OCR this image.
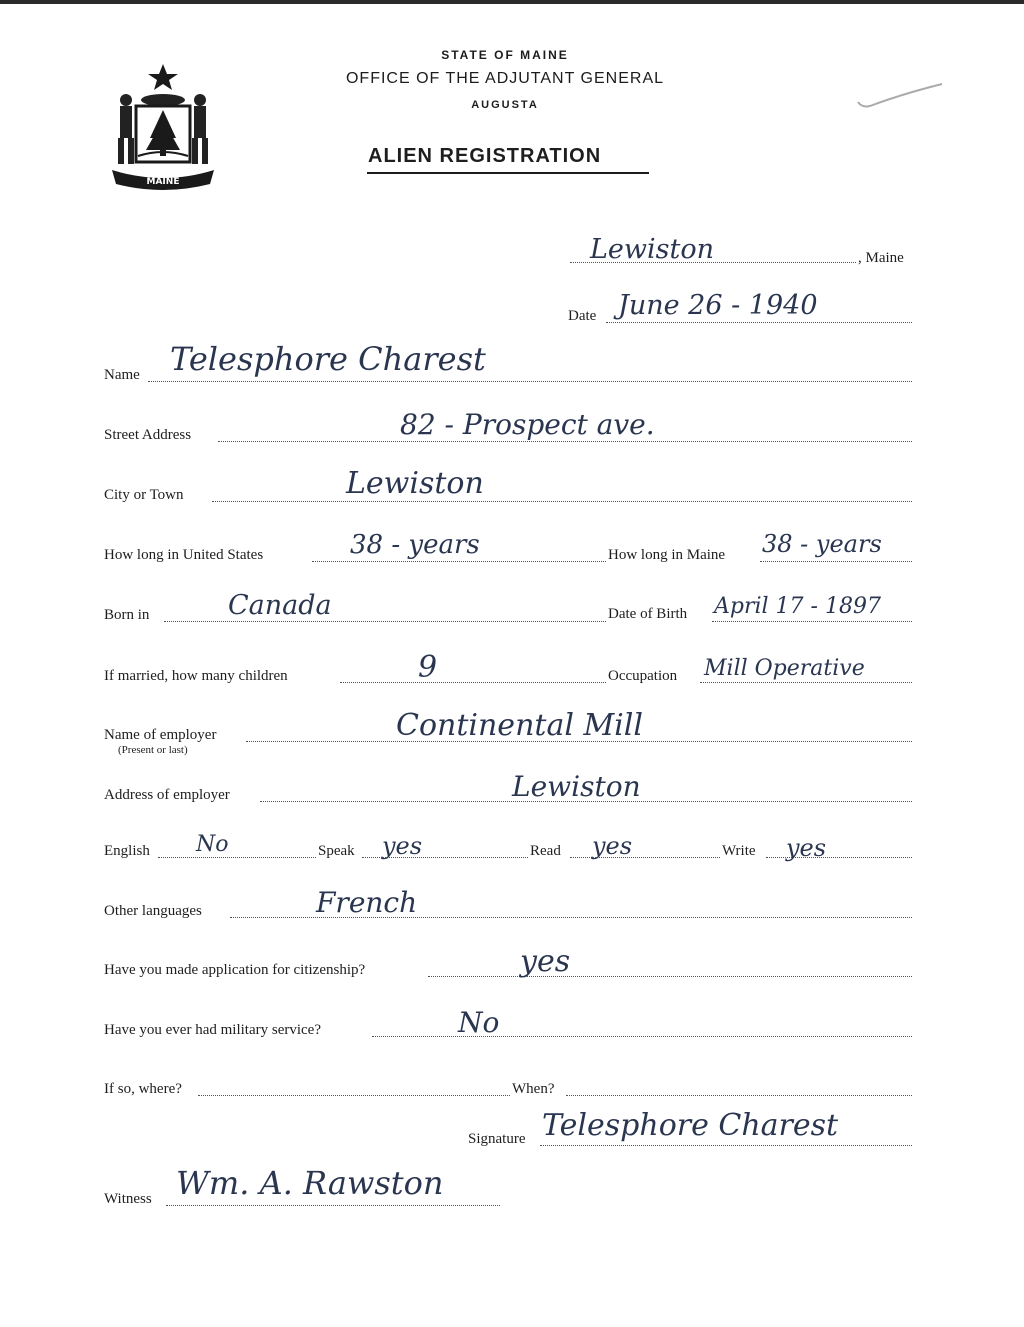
MAINE
STATE OF MAINE
OFFICE OF THE ADJUTANT GENERAL
AUGUSTA
ALIEN REGISTRATION
Lewiston	, Maine
Date June 26 - 1940
Name Telesphore Charest
Street Address	82 - Prospect ave.
City or Town	Lewiston
How long in United States	38 - years	How long in Maine 38 - years
Born in	Canada	Date of Birth April 17 - 1897
If married, how many children	9	Occupation Mill Operative
Name of employer
(Present or last)
Continental Mill
Address of employer	Lewiston
English No	Speak yes	Read yes	Write yes
Other languages	French
Have you made application for citizenship?	yes
Have you ever had military service?	No
If so, where?	When?
Signature Telesphore Charest
Witness Wm. A. Rawston
